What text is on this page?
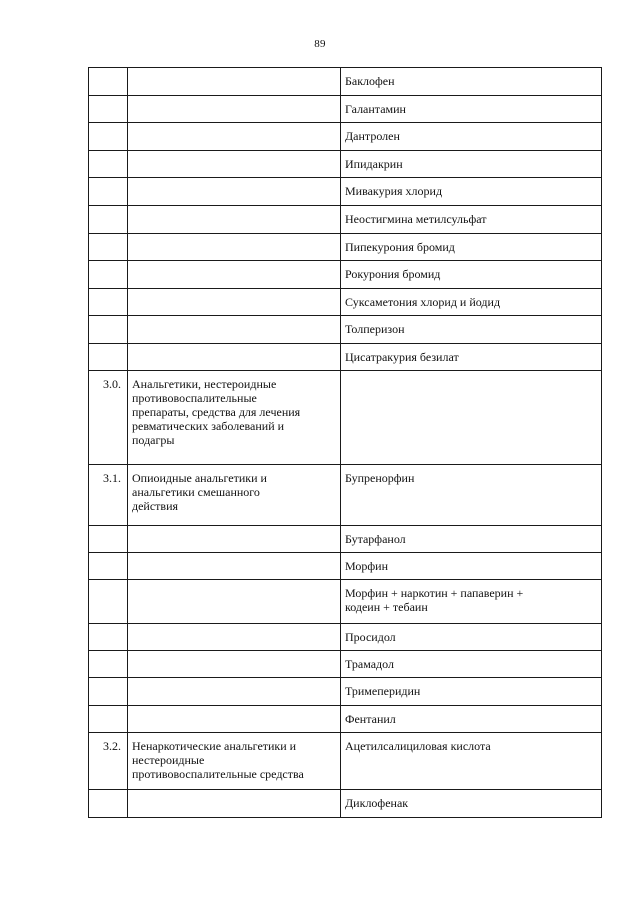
89

		Баклофен

		Галантамин

		Дантролен

		Ипидакрин

		Мивакурия хлорид

		Неостигмина метилсульфат

		Пипекурония бромид

		Рокурония бромид

		Суксаметония хлорид и йодид

		Толперизон

		Цисатракурия безилат

3.0.	Анальгетики, нестероидные
противовоспалительные
препараты, средства для лечения
ревматических заболеваний и
подагры	

3.1.	Опиоидные анальгетики и
анальгетики смешанного
действия	Бупренорфин

		Бутарфанол

		Морфин

		Морфин + наркотин + папаверин +
кодеин + тебаин

		Просидол

		Трамадол

		Тримеперидин

		Фентанил

3.2.	Ненаркотические анальгетики и
нестероидные
противовоспалительные средства	Ацетилсалициловая кислота

		Диклофенак
